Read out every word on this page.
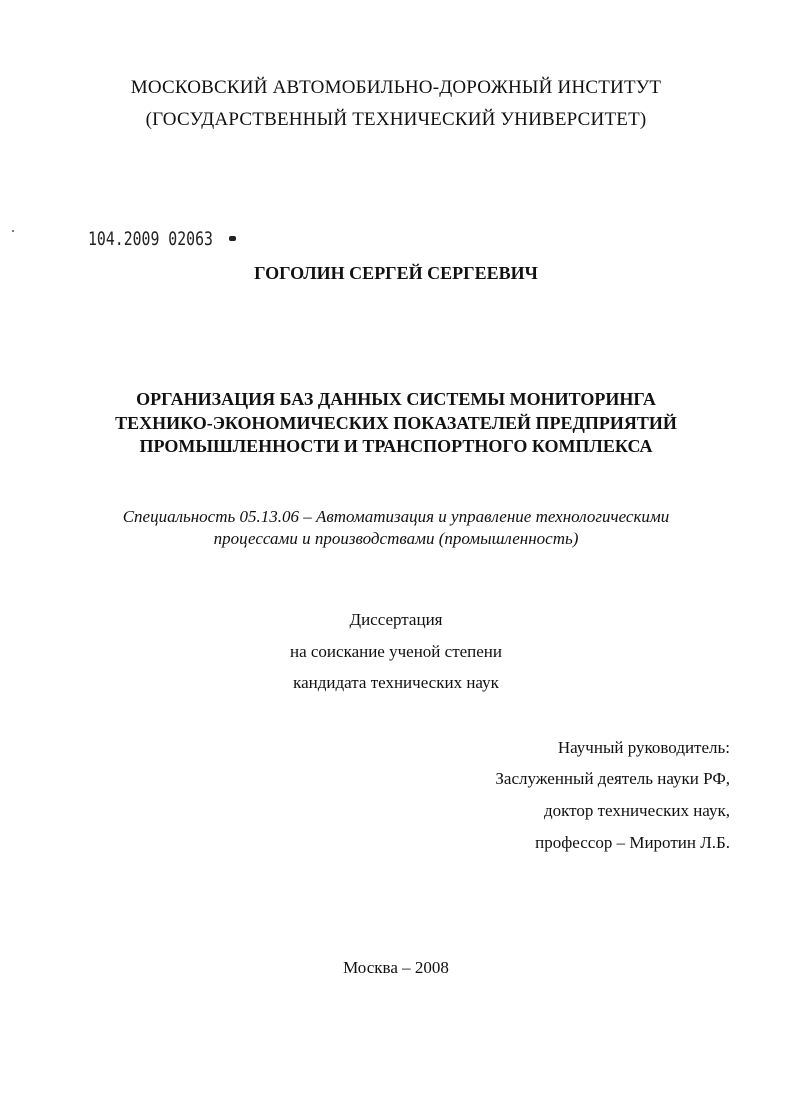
МОСКОВСКИЙ АВТОМОБИЛЬНО-ДОРОЖНЫЙ ИНСТИТУТ
(ГОСУДАРСТВЕННЫЙ ТЕХНИЧЕСКИЙ УНИВЕРСИТЕТ)
104.2009 02063
ГОГОЛИН СЕРГЕЙ СЕРГЕЕВИЧ
ОРГАНИЗАЦИЯ БАЗ ДАННЫХ СИСТЕМЫ МОНИТОРИНГА
ТЕХНИКО-ЭКОНОМИЧЕСКИХ ПОКАЗАТЕЛЕЙ ПРЕДПРИЯТИЙ
ПРОМЫШЛЕННОСТИ И ТРАНСПОРТНОГО КОМПЛЕКСА
Специальность 05.13.06 – Автоматизация и управление технологическими
процессами и производствами (промышленность)
Диссертация
на соискание ученой степени
кандидата технических наук
Научный руководитель:
Заслуженный деятель науки РФ,
доктор технических наук,
профессор – Миротин Л.Б.
Москва – 2008
